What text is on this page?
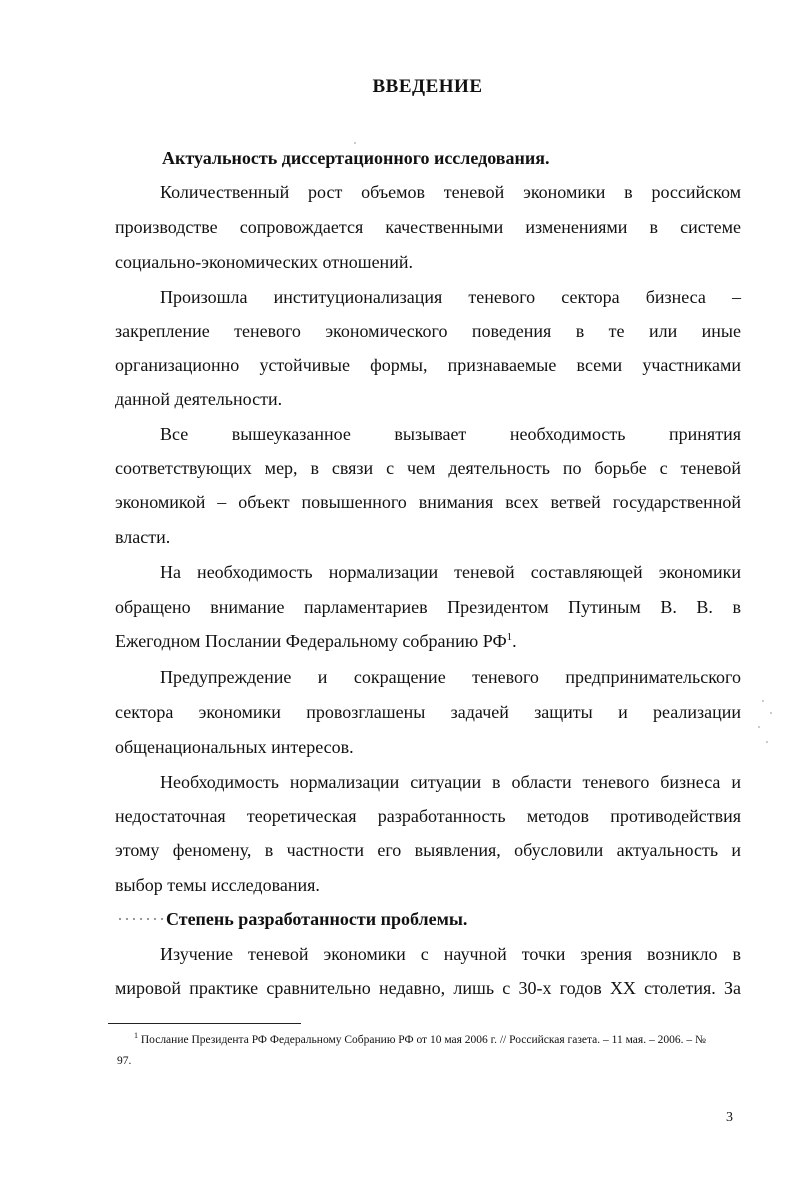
ВВЕДЕНИЕ
Актуальность диссертационного исследования.
Количественный рост объемов теневой экономики в российском
производстве сопровождается качественными изменениями в системе
социально-экономических отношений.
Произошла институционализация теневого сектора бизнеса –
закрепление теневого экономического поведения в те или иные
организационно устойчивые формы, признаваемые всеми участниками
данной деятельности.
Все вышеуказанное вызывает необходимость принятия
соответствующих мер, в связи с чем деятельность по борьбе с теневой
экономикой – объект повышенного внимания всех ветвей государственной
власти.
На необходимость нормализации теневой составляющей экономики
обращено внимание парламентариев Президентом Путиным В. В. в
Ежегодном Послании Федеральному собранию $РФ^1$.
Предупреждение и сокращение теневого предпринимательского
сектора экономики провозглашены задачей защиты и реализации
общенациональных интересов.
Необходимость нормализации ситуации в области теневого бизнеса и
недостаточная теоретическая разработанность методов противодействия
этому феномену, в частности его выявления, обусловили актуальность и
выбор темы исследования.
·······Степень разработанности проблемы.
Изучение теневой экономики с научной точки зрения возникло в
мировой практике сравнительно недавно, лишь с 30-х годов XX столетия. За
$^1$ Послание Президента РФ Федеральному Собранию РФ от 10 мая 2006 г. // Российская газета. – 11 мая. – 2006. – №
97.
3
